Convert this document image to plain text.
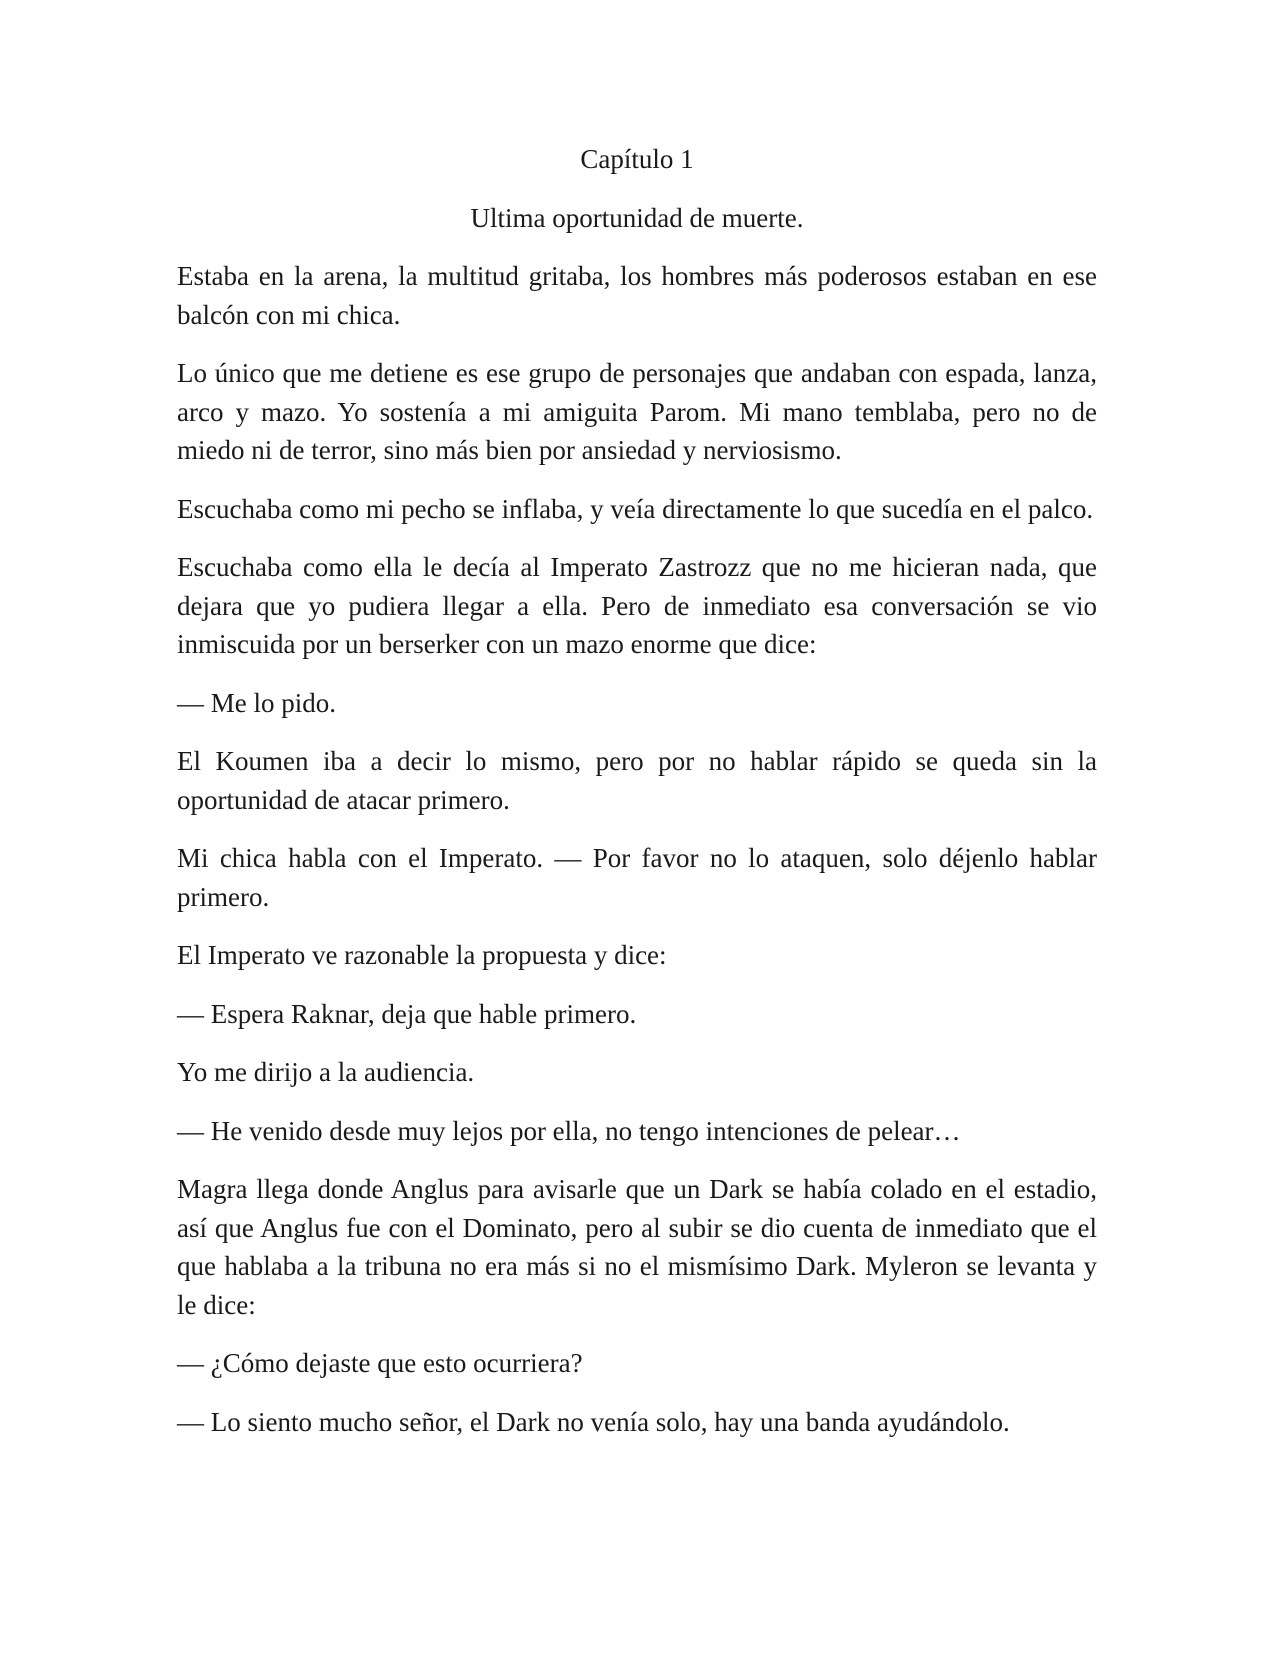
Capítulo 1
Ultima oportunidad de muerte.

Estaba en la arena, la multitud gritaba, los hombres más poderosos estaban en ese balcón con mi chica.

Lo único que me detiene es ese grupo de personajes que andaban con espada, lanza, arco y mazo. Yo sostenía a mi amiguita Parom. Mi mano temblaba, pero no de miedo ni de terror, sino más bien por ansiedad y nerviosismo.

Escuchaba como mi pecho se inflaba, y veía directamente lo que sucedía en el palco.

Escuchaba como ella le decía al Imperato Zastrozz que no me hicieran nada, que dejara que yo pudiera llegar a ella. Pero de inmediato esa conversación se vio inmiscuida por un berserker con un mazo enorme que dice:

— Me lo pido.

El Koumen iba a decir lo mismo, pero por no hablar rápido se queda sin la oportunidad de atacar primero.

Mi chica habla con el Imperato. — Por favor no lo ataquen, solo déjenlo hablar primero.

El Imperato ve razonable la propuesta y dice:

— Espera Raknar, deja que hable primero.

Yo me dirijo a la audiencia.

— He venido desde muy lejos por ella, no tengo intenciones de pelear…

Magra llega donde Anglus para avisarle que un Dark se había colado en el estadio, así que Anglus fue con el Dominato, pero al subir se dio cuenta de inmediato que el que hablaba a la tribuna no era más si no el mismísimo Dark. Myleron se levanta y le dice:

— ¿Cómo dejaste que esto ocurriera?

— Lo siento mucho señor, el Dark no venía solo, hay una banda ayudándolo.
